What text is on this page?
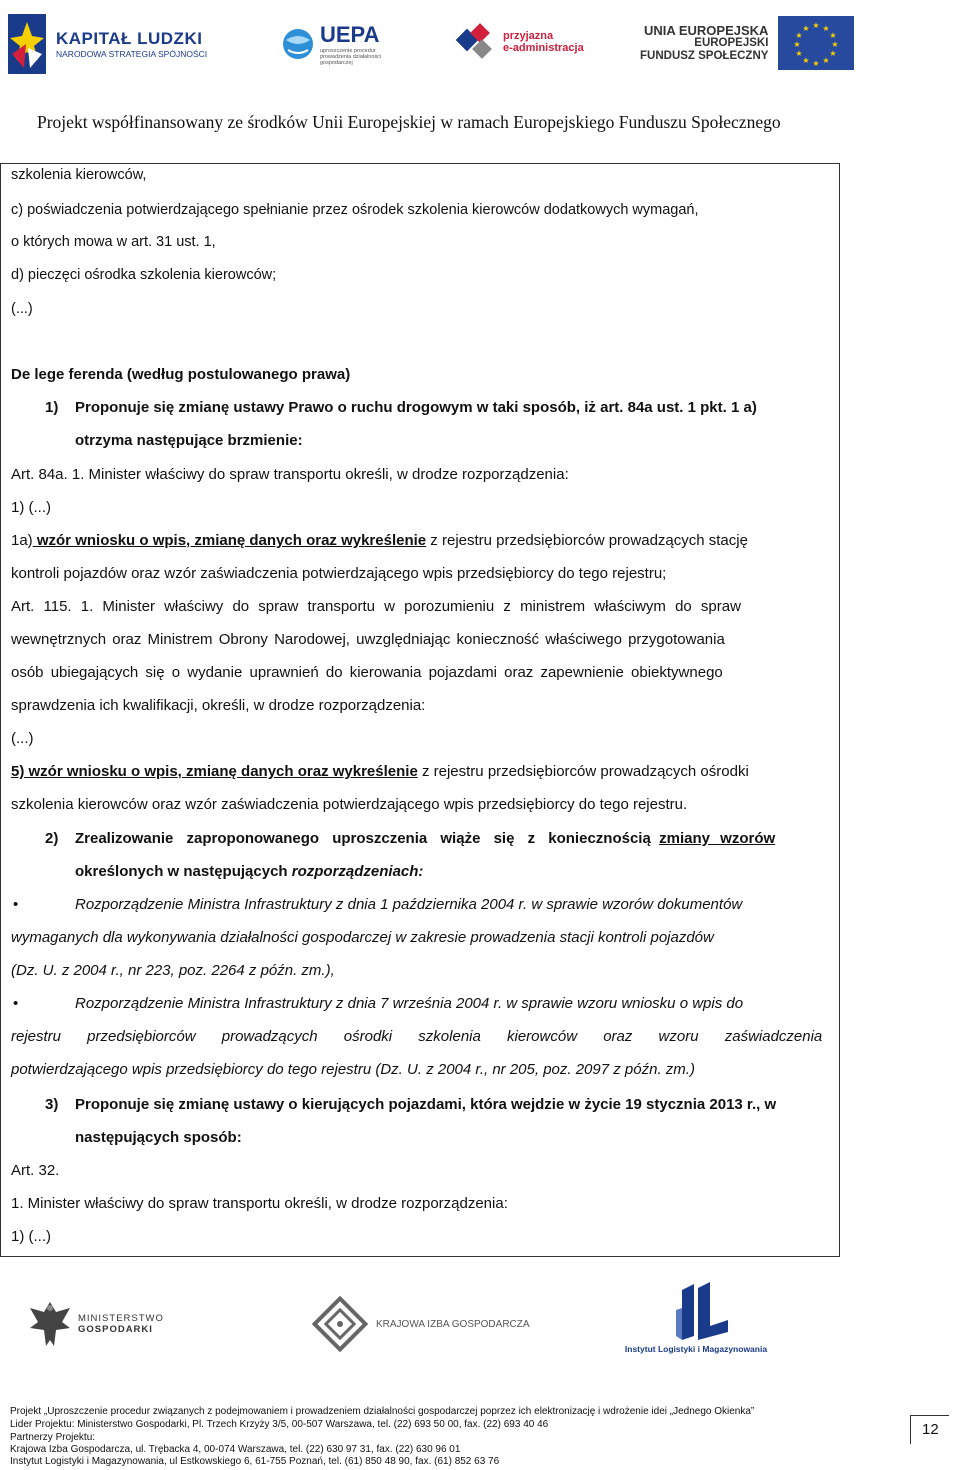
KAPITAŁ LUDZKI
NARODOWA STRATEGIA SPÓJNOŚCI
UEPA
uproszczenie procedur
prowadzenia działalności
gospodarczej
przyjazna
e-administracja
UNIA EUROPEJSKA
EUROPEJSKI
FUNDUSZ SPOŁECZNY
★ ★
★
★
★
★
★
★
★
★
★
★
Projekt współfinansowany ze środków Unii Europejskiej w ramach Europejskiego Funduszu Społecznego
szkolenia kierowców,
c) poświadczenia potwierdzającego spełnianie przez ośrodek szkolenia kierowców dodatkowych wymagań,
o których mowa w art. 31 ust. 1,
d) pieczęci ośrodka szkolenia kierowców;
(...)
De lege ferenda (według postulowanego prawa)
1) Proponuje się zmianę ustawy Prawo o ruchu drogowym w taki sposób, iż art. 84a ust. 1 pkt. 1 a)
otrzyma następujące brzmienie:
Art. 84a. 1. Minister właściwy do spraw transportu określi, w drodze rozporządzenia:
1) (...)
1a) wzór wniosku o wpis, zmianę danych oraz wykreślenie z rejestru przedsiębiorców prowadzących stację
kontroli pojazdów oraz wzór zaświadczenia potwierdzającego wpis przedsiębiorcy do tego rejestru;
Art. 115. 1. Minister właściwy do spraw transportu w porozumieniu z ministrem właściwym do spraw
wewnętrznych oraz Ministrem Obrony Narodowej, uwzględniając konieczność właściwego przygotowania
osób ubiegających się o wydanie uprawnień do kierowania pojazdami oraz zapewnienie obiektywnego
sprawdzenia ich kwalifikacji, określi, w drodze rozporządzenia:
(...)
5) wzór wniosku o wpis, zmianę danych oraz wykreślenie z rejestru przedsiębiorców prowadzących ośrodki
szkolenia kierowców oraz wzór zaświadczenia potwierdzającego wpis przedsiębiorcy do tego rejestru.
2) Zrealizowanie zaproponowanego uproszczenia wiąże się z koniecznością zmiany wzorów
określonych w następujących rozporządzeniach:
•	Rozporządzenie Ministra Infrastruktury z dnia 1 października 2004 r. w sprawie wzorów dokumentów
wymaganych dla wykonywania działalności gospodarczej w zakresie prowadzenia stacji kontroli pojazdów
(Dz. U. z 2004 r., nr 223, poz. 2264 z późn. zm.),
•	Rozporządzenie Ministra Infrastruktury z dnia 7 września 2004 r. w sprawie wzoru wniosku o wpis do
rejestru przedsiębiorców prowadzących ośrodki szkolenia kierowców oraz wzoru zaświadczenia
potwierdzającego wpis przedsiębiorcy do tego rejestru (Dz. U. z 2004 r., nr 205, poz. 2097 z późn. zm.)
3) Proponuje się zmianę ustawy o kierujących pojazdami, która wejdzie w życie 19 stycznia 2013 r., w
następujących sposób:
Art. 32.
1. Minister właściwy do spraw transportu określi, w drodze rozporządzenia:
1) (...)
MINISTERSTWO
GOSPODARKI	KRAJOWA IZBA GOSPODARCZA
Instytut Logistyki i Magazynowania
Projekt „Uproszczenie procedur związanych z podejmowaniem i prowadzeniem działalności gospodarczej poprzez ich elektronizację i wdrożenie idei „Jednego Okienka”
Lider Projektu: Ministerstwo Gospodarki, Pl. Trzech Krzyży 3/5, 00-507 Warszawa, tel. (22) 693 50 00, fax. (22) 693 40 46
Partnerzy Projektu:
Krajowa Izba Gospodarcza, ul. Trębacka 4, 00-074 Warszawa, tel. (22) 630 97 31, fax. (22) 630 96 01
Instytut Logistyki i Magazynowania, ul Estkowskiego 6, 61-755 Poznań, tel. (61) 850 48 90, fax. (61) 852 63 76
12
